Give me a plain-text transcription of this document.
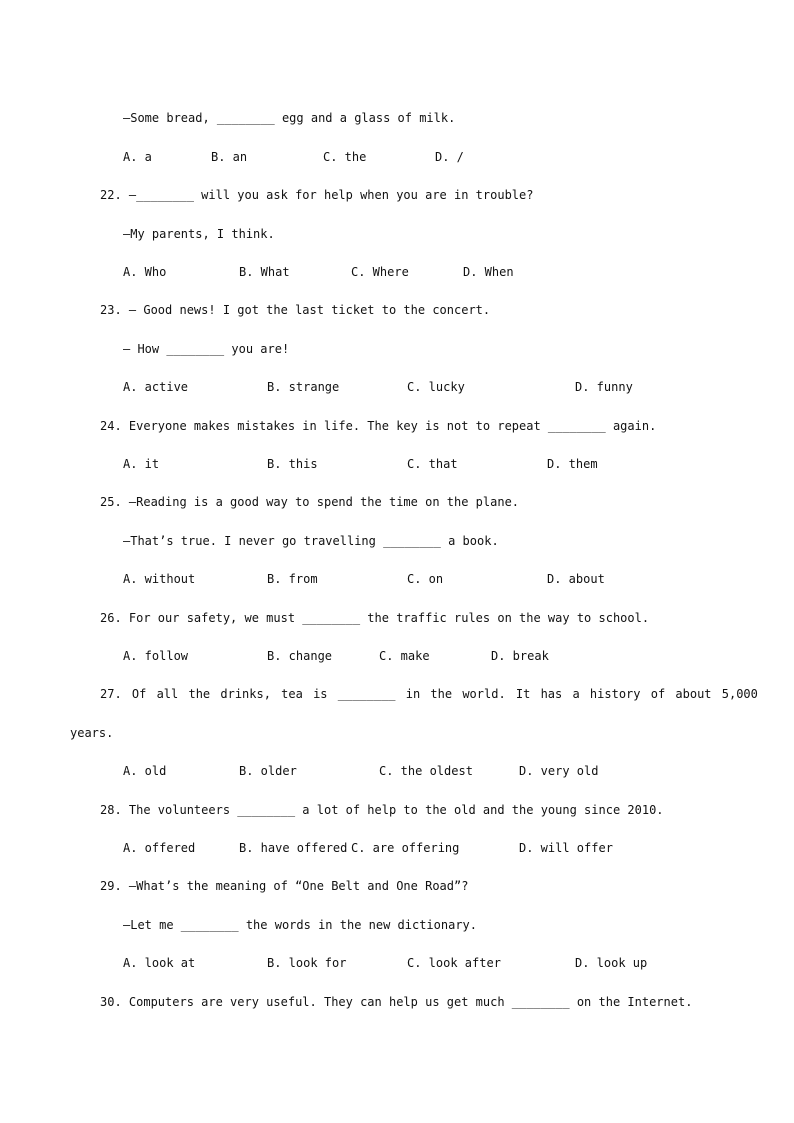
—Some bread, ________ egg and a glass of milk.
A. a	B. an	C. the	D. /
22. —________ will you ask for help when you are in trouble?
—My parents, I think.
A. Who	B. What	C. Where	D. When
23. — Good news! I got the last ticket to the concert.
— How ________ you are!
A. active	B. strange	C. lucky	D. funny
24. Everyone makes mistakes in life. The key is not to repeat ________ again.
A. it	B. this	C. that	D. them
25. —Reading is a good way to spend the time on the plane.
—That’s true. I never go travelling ________ a book.
A. without	B. from	C. on	D. about
26. For our safety, we must ________ the traffic rules on the way to school.
A. follow	B. change	C. make	D. break
27. Of all the drinks, tea is ________ in the world. It has a history of about 5,000
years.
A. old	B. older	C. the oldest	D. very old
28. The volunteers ________ a lot of help to the old and the young since 2010.
A. offered	B. have offered C. are offering	D. will offer
29. —What’s the meaning of “One Belt and One Road”?
—Let me ________ the words in the new dictionary.
A. look at	B. look for	C. look after	D. look up
30. Computers are very useful. They can help us get much ________ on the Internet.
